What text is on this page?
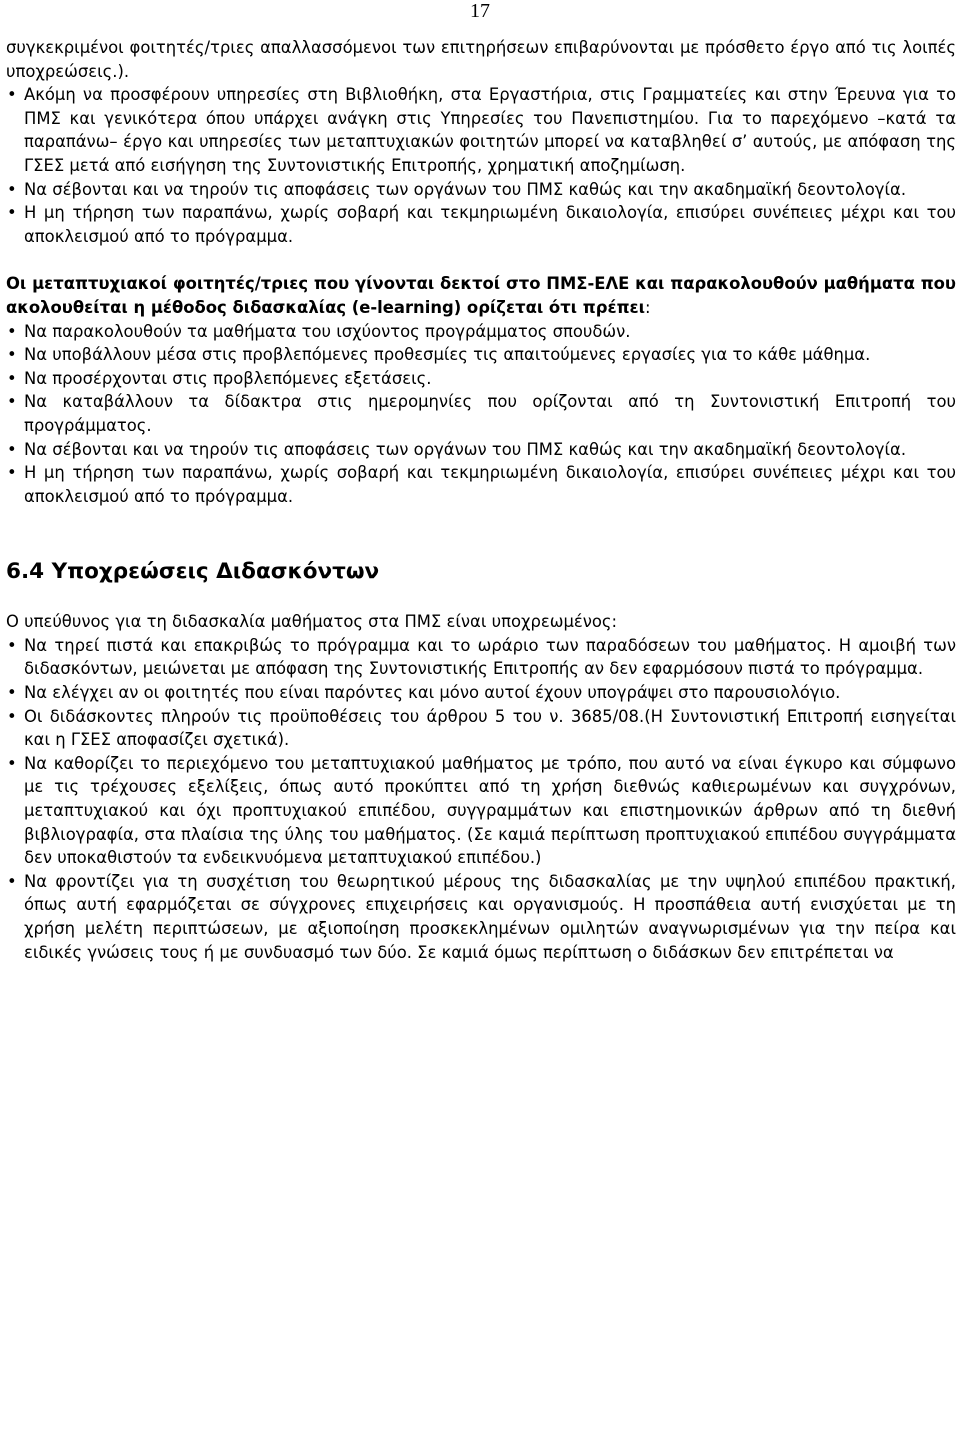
17

συγκεκριμένοι φοιτητές/τριες απαλλασσόμενοι των επιτηρήσεων επιβαρύνονται με πρόσθετο έργο από τις λοιπές υποχρεώσεις.).

• Ακόμη να προσφέρουν υπηρεσίες στη Βιβλιοθήκη, στα Εργαστήρια, στις Γραμματείες και στην Έρευνα για το ΠΜΣ και γενικότερα όπου υπάρχει ανάγκη στις Υπηρεσίες του Πανεπιστημίου. Για το παρεχόμενο –κατά τα παραπάνω– έργο και υπηρεσίες των μεταπτυχιακών φοιτητών μπορεί να καταβληθεί σ’ αυτούς, με απόφαση της ΓΣΕΣ μετά από εισήγηση της Συντονιστικής Επιτροπής, χρηματική αποζημίωση.
• Να σέβονται και να τηρούν τις αποφάσεις των οργάνων του ΠΜΣ καθώς και την ακαδημαϊκή δεοντολογία.
• Η μη τήρηση των παραπάνω, χωρίς σοβαρή και τεκμηριωμένη δικαιολογία, επισύρει συνέπειες μέχρι και του αποκλεισμού από το πρόγραμμα.

Οι μεταπτυχιακοί φοιτητές/τριες που γίνονται δεκτοί στο ΠΜΣ-ΕΛΕ και παρακολουθούν μαθήματα που ακολουθείται η μέθοδος διδασκαλίας (e-learning) ορίζεται ότι πρέπει:

• Να παρακολουθούν τα μαθήματα του ισχύοντος προγράμματος σπουδών.
• Να υποβάλλουν μέσα στις προβλεπόμενες προθεσμίες τις απαιτούμενες εργασίες για το κάθε μάθημα.
• Να προσέρχονται στις προβλεπόμενες εξετάσεις.
• Να καταβάλλουν τα δίδακτρα στις ημερομηνίες που ορίζονται από τη Συντονιστική Επιτροπή του προγράμματος.
• Να σέβονται και να τηρούν τις αποφάσεις των οργάνων του ΠΜΣ καθώς και την ακαδημαϊκή δεοντολογία.
• Η μη τήρηση των παραπάνω, χωρίς σοβαρή και τεκμηριωμένη δικαιολογία, επισύρει συνέπειες μέχρι και του αποκλεισμού από το πρόγραμμα.
6.4 Υποχρεώσεις Διδασκόντων

Ο υπεύθυνος για τη διδασκαλία μαθήματος στα ΠΜΣ είναι υποχρεωμένος:

• Να τηρεί πιστά και επακριβώς το πρόγραμμα και το ωράριο των παραδόσεων του μαθήματος. Η αμοιβή των διδασκόντων, μειώνεται με απόφαση της Συντονιστικής Επιτροπής αν δεν εφαρμόσουν πιστά το πρόγραμμα.
• Να ελέγχει αν οι φοιτητές που είναι παρόντες και μόνο αυτοί έχουν υπογράψει στο παρουσιολόγιο.
• Οι διδάσκοντες πληρούν τις προϋποθέσεις του άρθρου 5 του ν. 3685/08.(Η Συντονιστική Επιτροπή εισηγείται και η ΓΣΕΣ αποφασίζει σχετικά).
• Να καθορίζει το περιεχόμενο του μεταπτυχιακού μαθήματος με τρόπο, που αυτό να είναι έγκυρο και σύμφωνο με τις τρέχουσες εξελίξεις, όπως αυτό προκύπτει από τη χρήση διεθνώς καθιερωμένων και συγχρόνων, μεταπτυχιακού και όχι προπτυχιακού επιπέδου, συγγραμμάτων και επιστημονικών άρθρων από τη διεθνή βιβλιογραφία, στα πλαίσια της ύλης του μαθήματος. (Σε καμιά περίπτωση προπτυχιακού επιπέδου συγγράμματα δεν υποκαθιστούν τα ενδεικνυόμενα μεταπτυχιακού επιπέδου.)
• Να φροντίζει για τη συσχέτιση του θεωρητικού μέρους της διδασκαλίας με την υψηλού επιπέδου πρακτική, όπως αυτή εφαρμόζεται σε σύγχρονες επιχειρήσεις και οργανισμούς. Η προσπάθεια αυτή ενισχύεται με τη χρήση μελέτη περιπτώσεων, με αξιοποίηση προσκεκλημένων ομιλητών αναγνωρισμένων για την πείρα και ειδικές γνώσεις τους ή με συνδυασμό των δύο. Σε καμιά όμως περίπτωση ο διδάσκων δεν επιτρέπεται να
